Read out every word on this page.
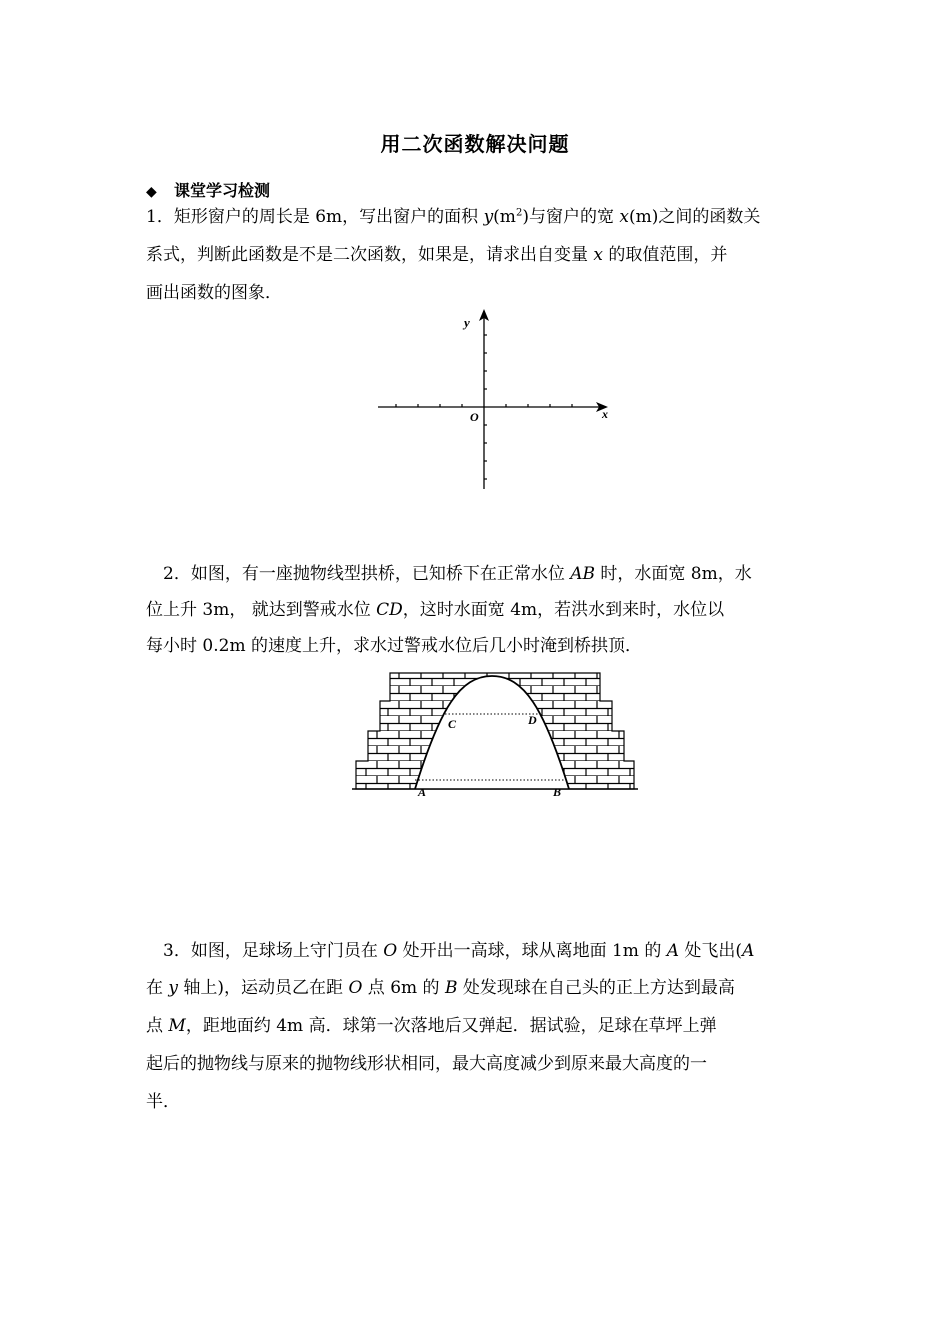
用二次函数解决问题
◆ 课堂学习检测
1．矩形窗户的周长是 6m，写出窗户的面积 $y(m^2)$与窗户的宽 x(m)之间的函数关
系式，判断此函数是不是二次函数，如果是，请求出自变量 x 的取值范围，并
画出函数的图象．
y
x
O
2．如图，有一座抛物线型拱桥，已知桥下在正常水位 AB 时，水面宽 8m，水
位上升 3m， 就达到警戒水位 CD，这时水面宽 4m，若洪水到来时，水位以
每小时 0.2m 的速度上升，求水过警戒水位后几小时淹到桥拱顶．
A	B
C	D
3．如图，足球场上守门员在 O 处开出一高球，球从离地面 1m 的 A 处飞出(A
在 y 轴上)，运动员乙在距 O 点 6m 的 B 处发现球在自己头的正上方达到最高
点 M，距地面约 4m 高．球第一次落地后又弹起．据试验，足球在草坪上弹
起后的抛物线与原来的抛物线形状相同，最大高度减少到原来最大高度的一
半．
